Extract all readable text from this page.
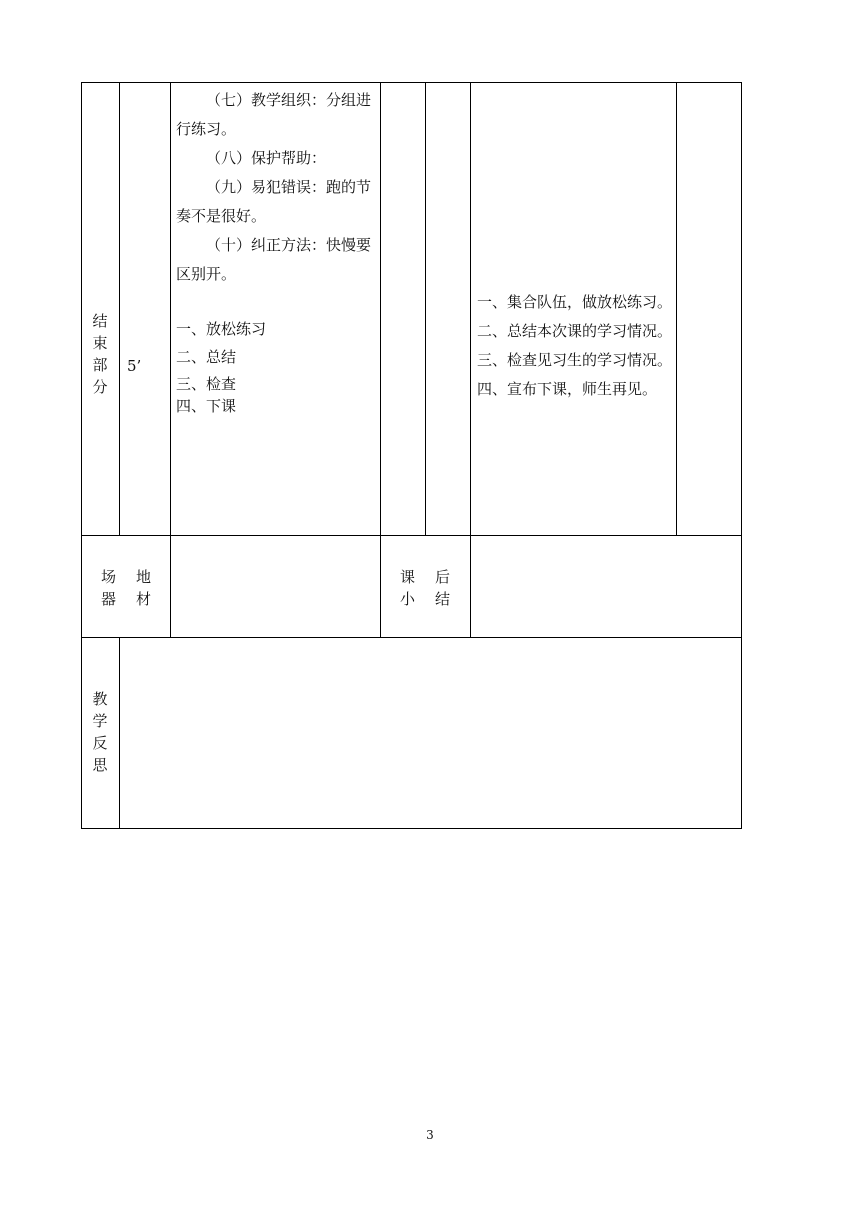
结
束
部
分
5’

（七）教学组织：分组进行练习。

（八）保护帮助：

（九）易犯错误：跑的节奏不是很好。

（十）纠正方法：快慢要区别开。

一、放松练习

二、总结

三、检查

四、下课

一、集合队伍，做放松练习。

二、总结本次课的学习情况。

三、检查见习生的学习情况。

四、宣布下课，师生再见。

场 地
器 材
课 后
小 结
教
学
反
思
3
